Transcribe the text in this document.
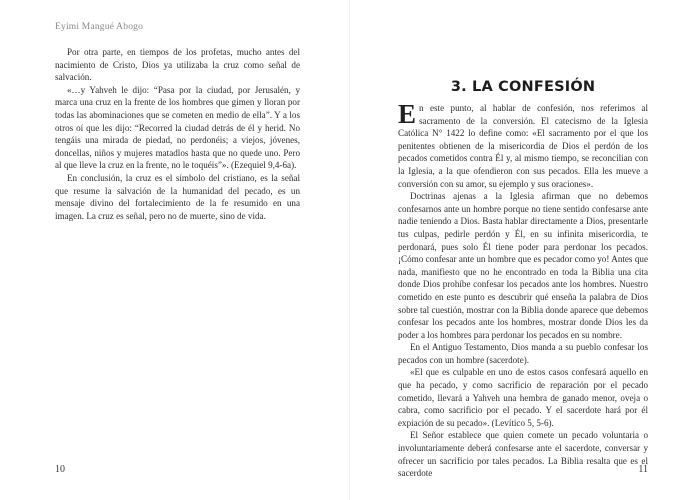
Eyimi Mangué Abogo

Por otra parte, en tiempos de los profetas, mucho antes del nacimiento de Cristo, Dios ya utilizaba la cruz como señal de salvación.

«…y Yahveh le dijo: “Pasa por la ciudad, por Jerusalén, y marca una cruz en la frente de los hombres que gimen y lloran por todas las abominaciones que se cometen en medio de ella”. Y a los otros oí que les dijo: “Recorred la ciudad detrás de él y herid. No tengáis una mirada de piedad, no perdonéis; a viejos, jóvenes, doncellas, niños y mujeres matadlos hasta que no quede uno. Pero al que lleve la cruz en la frente, no le toquéis”». (Ezequiel 9,4-6a).

En conclusión, la cruz es el símbolo del cristiano, es la señal que resume la salvación de la humanidad del pecado, es un mensaje divino del fortalecimiento de la fe resumido en una imagen. La cruz es señal, pero no de muerte, sino de vida.

10
3. LA CONFESIÓN

En este punto, al hablar de confesión, nos referimos al sacramento de la conversión. El catecismo de la Iglesia Católica N° 1422 lo define como: «El sacramento por el que los penitentes obtienen de la misericordia de Dios el perdón de los pecados cometidos contra Él y, al mismo tiempo, se reconcilian con la Iglesia, a la que ofendieron con sus pecados. Ella les mueve a conversión con su amor, su ejemplo y sus oraciones».

Doctrinas ajenas a la Iglesia afirman que no debemos confesarnos ante un hombre porque no tiene sentido confesarse ante nadie teniendo a Dios. Basta hablar directamente a Dios, presentarle tus culpas, pedirle perdón y Él, en su infinita misericordia, te perdonará, pues solo Él tiene poder para perdonar los pecados. ¡Cómo confesar ante un hombre que es pecador como yo! Antes que nada, manifiesto que no he encontrado en toda la Biblia una cita donde Dios prohíbe confesar los pecados ante los hombres. Nuestro cometido en este punto es descubrir qué enseña la palabra de Dios sobre tal cuestión, mostrar con la Biblia donde aparece que debemos confesar los pecados ante los hombres, mostrar donde Dios les da poder a los hombres para perdonar los pecados en su nombre.

En el Antiguo Testamento, Dios manda a su pueblo confesar los pecados con un hombre (sacerdote).

«El que es culpable en uno de estos casos confesará aquello en que ha pecado, y como sacrificio de reparación por el pecado cometido, llevará a Yahveh una hembra de ganado menor, oveja o cabra, como sacrificio por el pecado. Y el sacerdote hará por él expiación de su pecado». (Levítico 5, 5-6).

El Señor establece que quien comete un pecado voluntaria o involuntariamente deberá confesarse ante el sacerdote, conversar y ofrecer un sacrificio por tales pecados. La Biblia resalta que es el sacerdote	11
